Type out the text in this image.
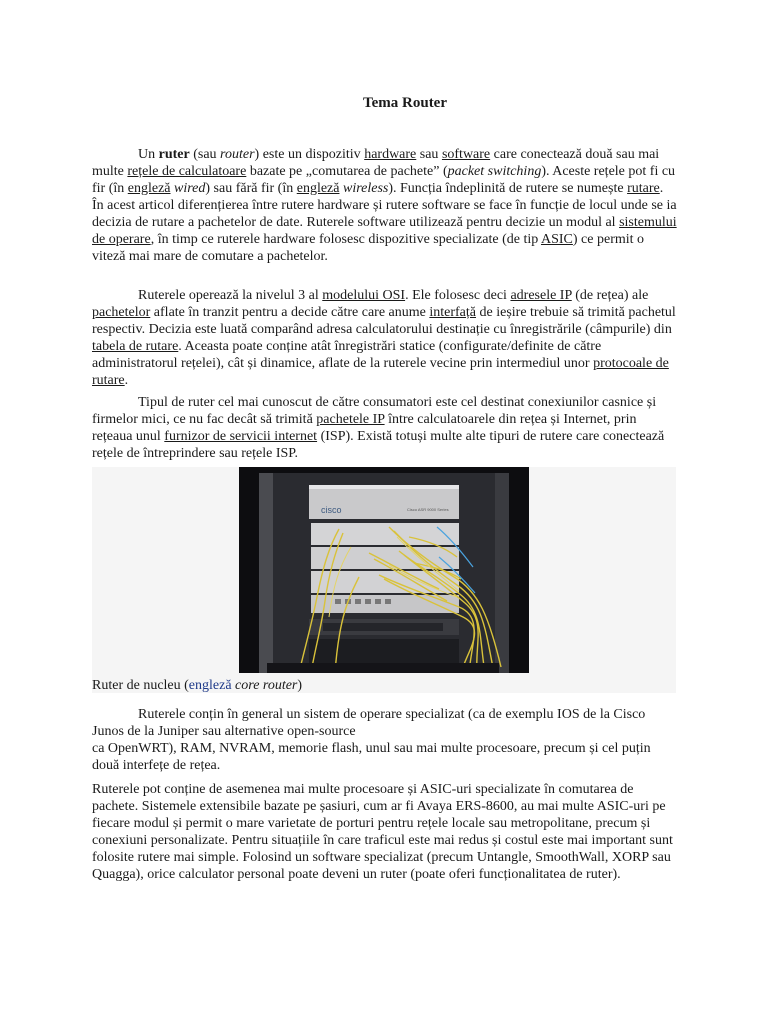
Tema Router

Un ruter (sau router) este un dispozitiv hardware sau software care conectează două sau mai multe rețele de calculatoare bazate pe „comutarea de pachete” (packet switching). Aceste rețele pot fi cu fir (în engleză wired) sau fără fir (în engleză wireless). Funcția îndeplinită de rutere se numește rutare. În acest articol diferențierea între rutere hardware și rutere software se face în funcție de locul unde se ia decizia de rutare a pachetelor de date. Ruterele software utilizează pentru decizie un modul al sistemului de operare, în timp ce ruterele hardware folosesc dispozitive specializate (de tip ASIC) ce permit o viteză mai mare de comutare a pachetelor.

Ruterele operează la nivelul 3 al modelului OSI. Ele folosesc deci adresele IP (de rețea) ale pachetelor aflate în tranzit pentru a decide către care anume interfață de ieșire trebuie să trimită pachetul respectiv. Decizia este luată comparând adresa calculatorului destinație cu înregistrările (câmpurile) din tabela de rutare. Aceasta poate conține atât înregistrări statice (configurate/definite de către administratorul rețelei), cât și dinamice, aflate de la ruterele vecine prin intermediul unor protocoale de rutare.

Tipul de ruter cel mai cunoscut de către consumatori este cel destinat conexiunilor casnice și firmelor mici, ce nu fac decât să trimită pachetele IP între calculatoarele din rețea și Internet, prin rețeaua unul furnizor de servicii internet (ISP). Există totuși multe alte tipuri de rutere care conectează rețele de întreprindere sau rețele ISP.

cisco	Cisco ASR 9000 Series
Ruter de nucleu (engleză core router)

Ruterele conțin în general un sistem de operare specializat (ca de exemplu IOS de la Cisco Junos de la Juniper sau alternative open-source
ca OpenWRT), RAM, NVRAM, memorie flash, unul sau mai multe procesoare, precum și cel puțin două interfețe de rețea.

Ruterele pot conține de asemenea mai multe procesoare și ASIC-uri specializate în comutarea de pachete. Sistemele extensibile bazate pe șasiuri, cum ar fi Avaya ERS-8600, au mai multe ASIC-uri pe fiecare modul și permit o mare varietate de porturi pentru rețele locale sau metropolitane, precum și conexiuni personalizate. Pentru situațiile în care traficul este mai redus și costul este mai important sunt folosite rutere mai simple. Folosind un software specializat (precum Untangle, SmoothWall, XORP sau Quagga), orice calculator personal poate deveni un ruter (poate oferi funcționalitatea de ruter).
